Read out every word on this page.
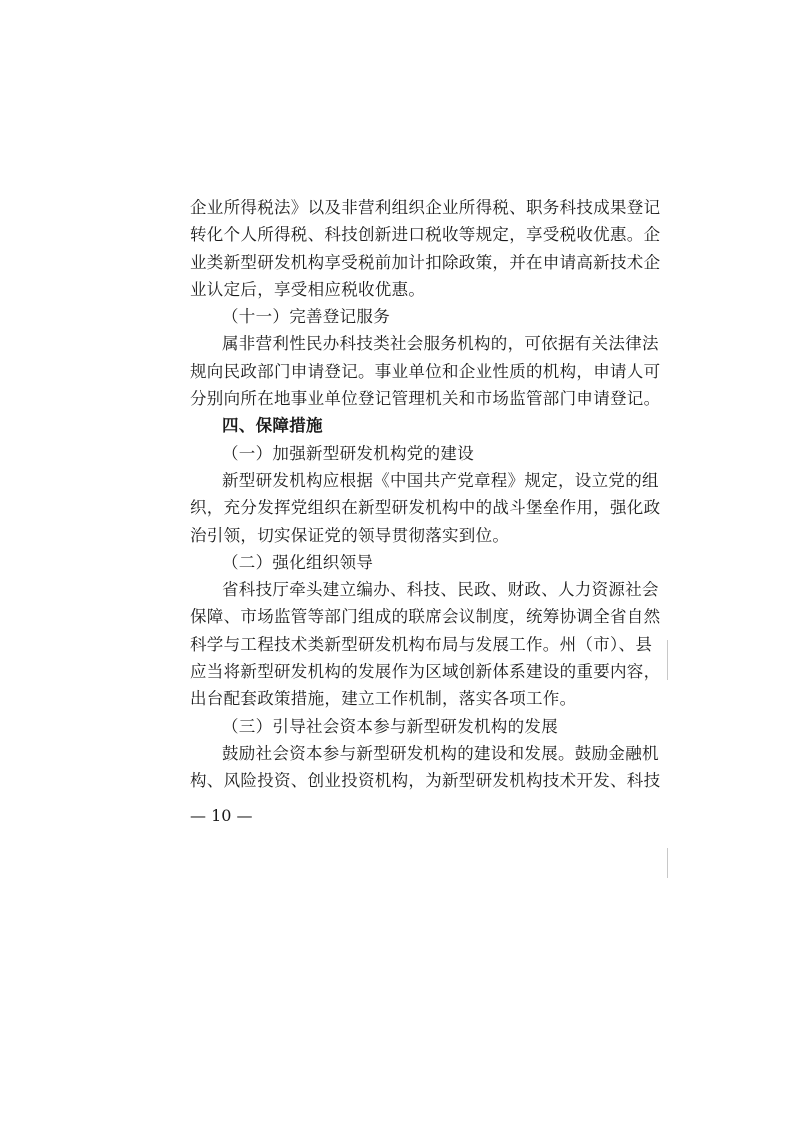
企业所得税法》以及非营利组织企业所得税、职务科技成果登记
转化个人所得税、科技创新进口税收等规定，享受税收优惠。企
业类新型研发机构享受税前加计扣除政策，并在申请高新技术企
业认定后，享受相应税收优惠。
（十一）完善登记服务
属非营利性民办科技类社会服务机构的，可依据有关法律法
规向民政部门申请登记。事业单位和企业性质的机构，申请人可
分别向所在地事业单位登记管理机关和市场监管部门申请登记。
四、保障措施
（一）加强新型研发机构党的建设
新型研发机构应根据《中国共产党章程》规定，设立党的组
织，充分发挥党组织在新型研发机构中的战斗堡垒作用，强化政
治引领，切实保证党的领导贯彻落实到位。
（二）强化组织领导
省科技厅牵头建立编办、科技、民政、财政、人力资源社会
保障、市场监管等部门组成的联席会议制度，统筹协调全省自然
科学与工程技术类新型研发机构布局与发展工作。州（市）、县
应当将新型研发机构的发展作为区域创新体系建设的重要内容，
出台配套政策措施，建立工作机制，落实各项工作。
（三）引导社会资本参与新型研发机构的发展
鼓励社会资本参与新型研发机构的建设和发展。鼓励金融机
构、风险投资、创业投资机构，为新型研发机构技术开发、科技
— 10 —
